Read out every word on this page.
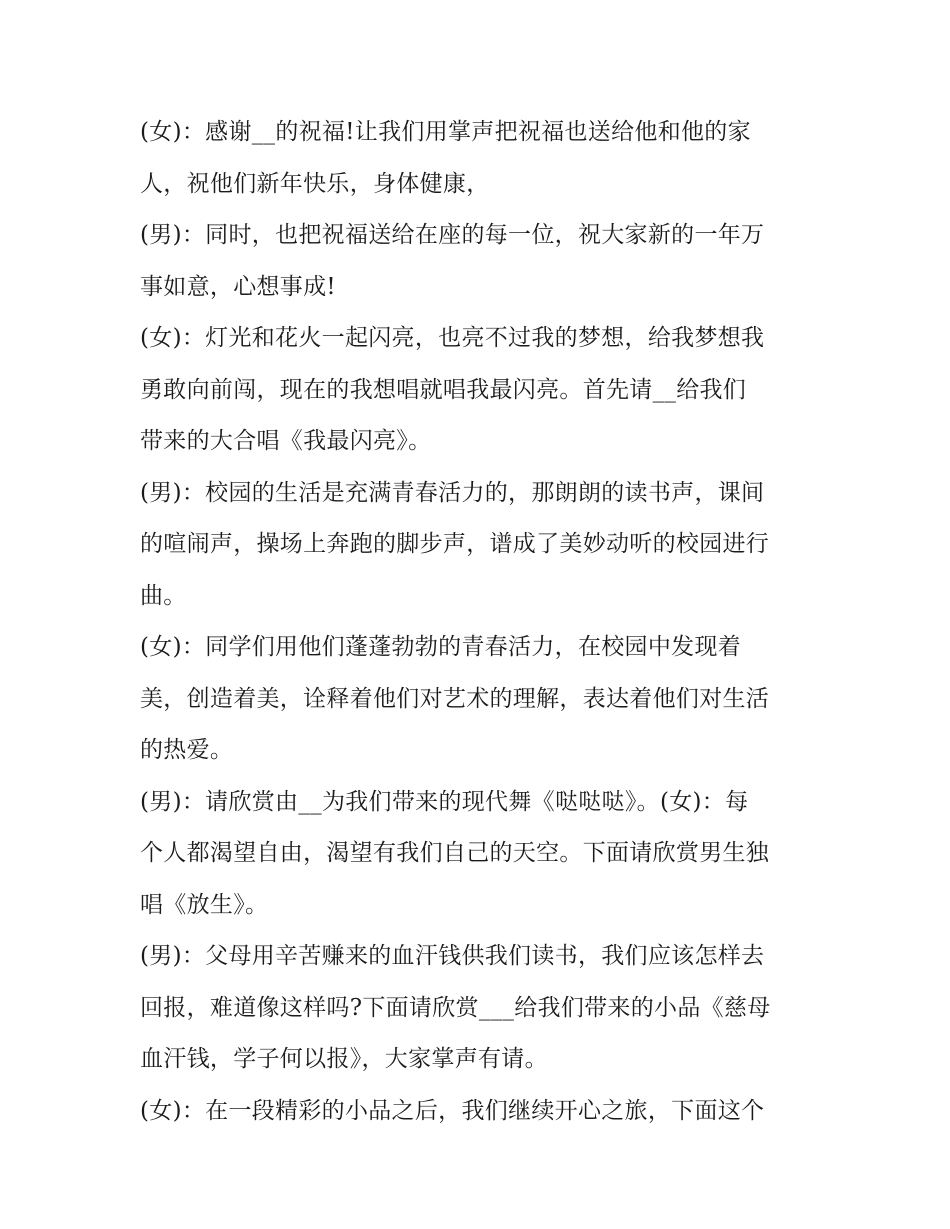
(女)：感谢__的祝福!让我们用掌声把祝福也送给他和他的家
人，祝他们新年快乐，身体健康，
(男)：同时，也把祝福送给在座的每一位，祝大家新的一年万
事如意，心想事成!
(女)：灯光和花火一起闪亮，也亮不过我的梦想，给我梦想我
勇敢向前闯，现在的我想唱就唱我最闪亮。首先请__给我们
带来的大合唱《我最闪亮》。
(男)：校园的生活是充满青春活力的，那朗朗的读书声，课间
的喧闹声，操场上奔跑的脚步声，谱成了美妙动听的校园进行
曲。
(女)：同学们用他们蓬蓬勃勃的青春活力，在校园中发现着
美，创造着美，诠释着他们对艺术的理解，表达着他们对生活
的热爱。
(男)：请欣赏由__为我们带来的现代舞《哒哒哒》。(女)：每
个人都渴望自由，渴望有我们自己的天空。下面请欣赏男生独
唱《放生》。
(男)：父母用辛苦赚来的血汗钱供我们读书，我们应该怎样去
回报，难道像这样吗?下面请欣赏___给我们带来的小品《慈母
血汗钱，学子何以报》，大家掌声有请。
(女)：在一段精彩的小品之后，我们继续开心之旅，下面这个
